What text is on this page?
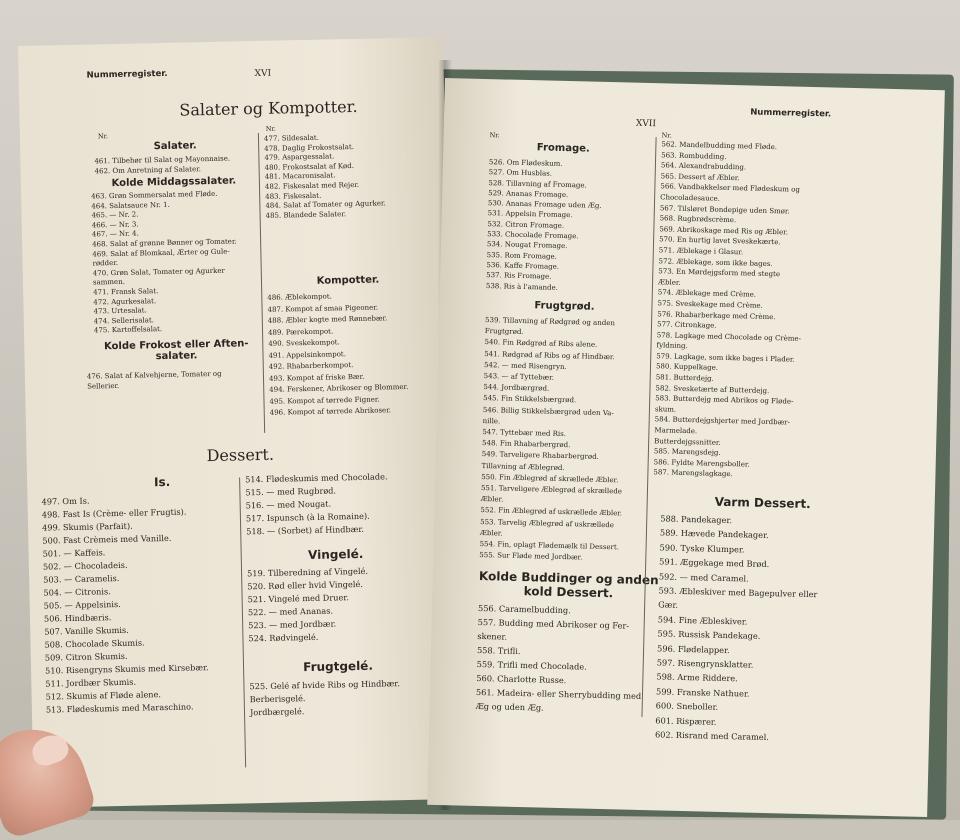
Nummerregister.	XVI
Salater og Kompotter.
Nr.
Nr.
Salater.
461. Tilbehør til Salat og Mayonnaise.
462. Om Anretning af Salater.
Kolde Middagssalater.
463. Grøn Sommersalat med Fløde.
464. Salatsauce Nr. 1.
465. — Nr. 2.
466. — Nr. 3.
467. — Nr. 4.
468. Salat af grønne Bønner og Tomater.
469. Salat af Blomkaal, Ærter og Gule-
rødder.
470. Grøn Salat, Tomater og Agurker
sammen.
471. Fransk Salat.
472. Agurkesalat.
473. Urtesalat.
474. Sellerisalat.
475. Kartoffelsalat.
Kolde Frokost eller Aften-
salater.
476. Salat af Kalvehjerne, Tomater og
Sellerier.
477. Sildesalat.
478. Daglig Frokostsalat.
479. Aspargessalat.
480. Frokostsalat af Kød.
481. Macaronisalat.
482. Fiskesalat med Rejer.
483. Fiskesalat.
484. Salat af Tomater og Agurker.
485. Blandede Salater.
Kompotter.
486. Æblekompot.
487. Kompot af smaa Pigeoner.
488. Æbler kogte med Rønnebær.
489. Pærekompot.
490. Sveskekompot.
491. Appelsinkompot.
492. Rhabarberkompot.
493. Kompot af friske Bær.
494. Ferskener, Abrikoser og Blommer.
495. Kompot af tørrede Figner.
496. Kompot af tørrede Abrikoser.
Dessert.
Is.
497. Om Is.
498. Fast Is (Crème- eller Frugtis).
499. Skumis (Parfait).
500. Fast Crèmeis med Vanille.
501. — Kaffeis.
502. — Chocoladeis.
503. — Caramelis.
504. — Citronis.
505. — Appelsinis.
506. Hindbæris.
507. Vanille Skumis.
508. Chocolade Skumis.
509. Citron Skumis.
510. Risengryns Skumis med Kirsebær.
511. Jordbær Skumis.
512. Skumis af Fløde alene.
513. Flødeskumis med Maraschino.
514. Flødeskumis med Chocolade.
515. — med Rugbrød.
516. — med Nougat.
517. Ispunsch (à la Romaine).
518. — (Sorbet) af Hindbær.
Vingelé.
519. Tilberedning af Vingelé.
520. Rød eller hvid Vingelé.
521. Vingelé med Druer.
522. — med Ananas.
523. — med Jordbær.
524. Rødvingelé.
Frugtgelé.
525. Gelé af hvide Ribs og Hindbær.
Berberisgelé.
Jordbærgelé.
XVII
Nummerregister.
Nr.	Nr.
Fromage.
526. Om Flødeskum.
527. Om Husblas.
528. Tillavning af Fromage.
529. Ananas Fromage.
530. Ananas Fromage uden Æg.
531. Appelsin Fromage.
532. Citron Fromage.
533. Chocolade Fromage.
534. Nougat Fromage.
535. Rom Fromage.
536. Kaffe Fromage.
537. Ris Fromage.
538. Ris à l'amande.
Frugtgrød.
539. Tillavning af Rødgrød og anden
Frugtgrød.
540. Fin Rødgrød af Ribs alene.
541. Rødgrød af Ribs og af Hindbær.
542. — med Risengryn.
543. — af Tyttebær.
544. Jordbærgrød.
545. Fin Stikkelsbærgrød.
546. Billig Stikkelsbærgrød uden Va-
nille.
547. Tyttebær med Ris.
548. Fin Rhabarbergrød.
549. Tarveligere Rhabarbergrød.
Tillavning af Æblegrød.
550. Fin Æblegrød af skrællede Æbler.
551. Tarveligere Æblegrød af skrællede
Æbler.
552. Fin Æblegrød af uskrællede Æbler.
553. Tarvelig Æblegrød af uskrællede
Æbler.
554. Fin, oplagt Flødemælk til Dessert.
555. Sur Fløde med Jordbær.
Kolde Buddinger og anden
kold Dessert.
556. Caramelbudding.
557. Budding med Abrikoser og Fer-
skener.
558. Trifli.
559. Trifli med Chocolade.
560. Charlotte Russe.
561. Madeira- eller Sherrybudding med
Æg og uden Æg.
562. Mandelbudding med Fløde.
563. Rombudding.
564. Alexandrabudding.
565. Dessert af Æbler.
566. Vandbakkelser med Flødeskum og
Chocoladesauce.
567. Tilsløret Bondepige uden Smør.
568. Rugbrødscrème.
569. Abrikoskage med Ris og Æbler.
570. En hurtig lavet Sveskekærte.
571. Æblekage i Glasur.
572. Æblekage, som ikke bages.
573. En Mørdejgsform med stegte
Æbler.
574. Æblekage med Crème.
575. Sveskekage med Crème.
576. Rhabarberkage med Crème.
577. Citronkage.
578. Lagkage med Chocolade og Crème-
fyldning.
579. Lagkage, som ikke bages i Plader.
580. Kuppelkage.
581. Butterdejg.
582. Svesketærte af Butterdejg.
583. Butterdejg med Abrikos og Fløde-
skum.
584. Butterdejgshjerter med Jordbær-
Marmelade.
Butterdejgssnitter.
585. Marengsdejg.
586. Fyldte Marengsboller.
587. Marengslagkage.
Varm Dessert.
588. Pandekager.
589. Hævede Pandekager.
590. Tyske Klumper.
591. Æggekage med Brød.
592. — med Caramel.
593. Æbleskiver med Bagepulver eller
Gær.
594. Fine Æbleskiver.
595. Russisk Pandekage.
596. Flødelapper.
597. Risengrynsklatter.
598. Arme Riddere.
599. Franske Nathuer.
600. Sneboller.
601. Rispærer.
602. Risrand med Caramel.
